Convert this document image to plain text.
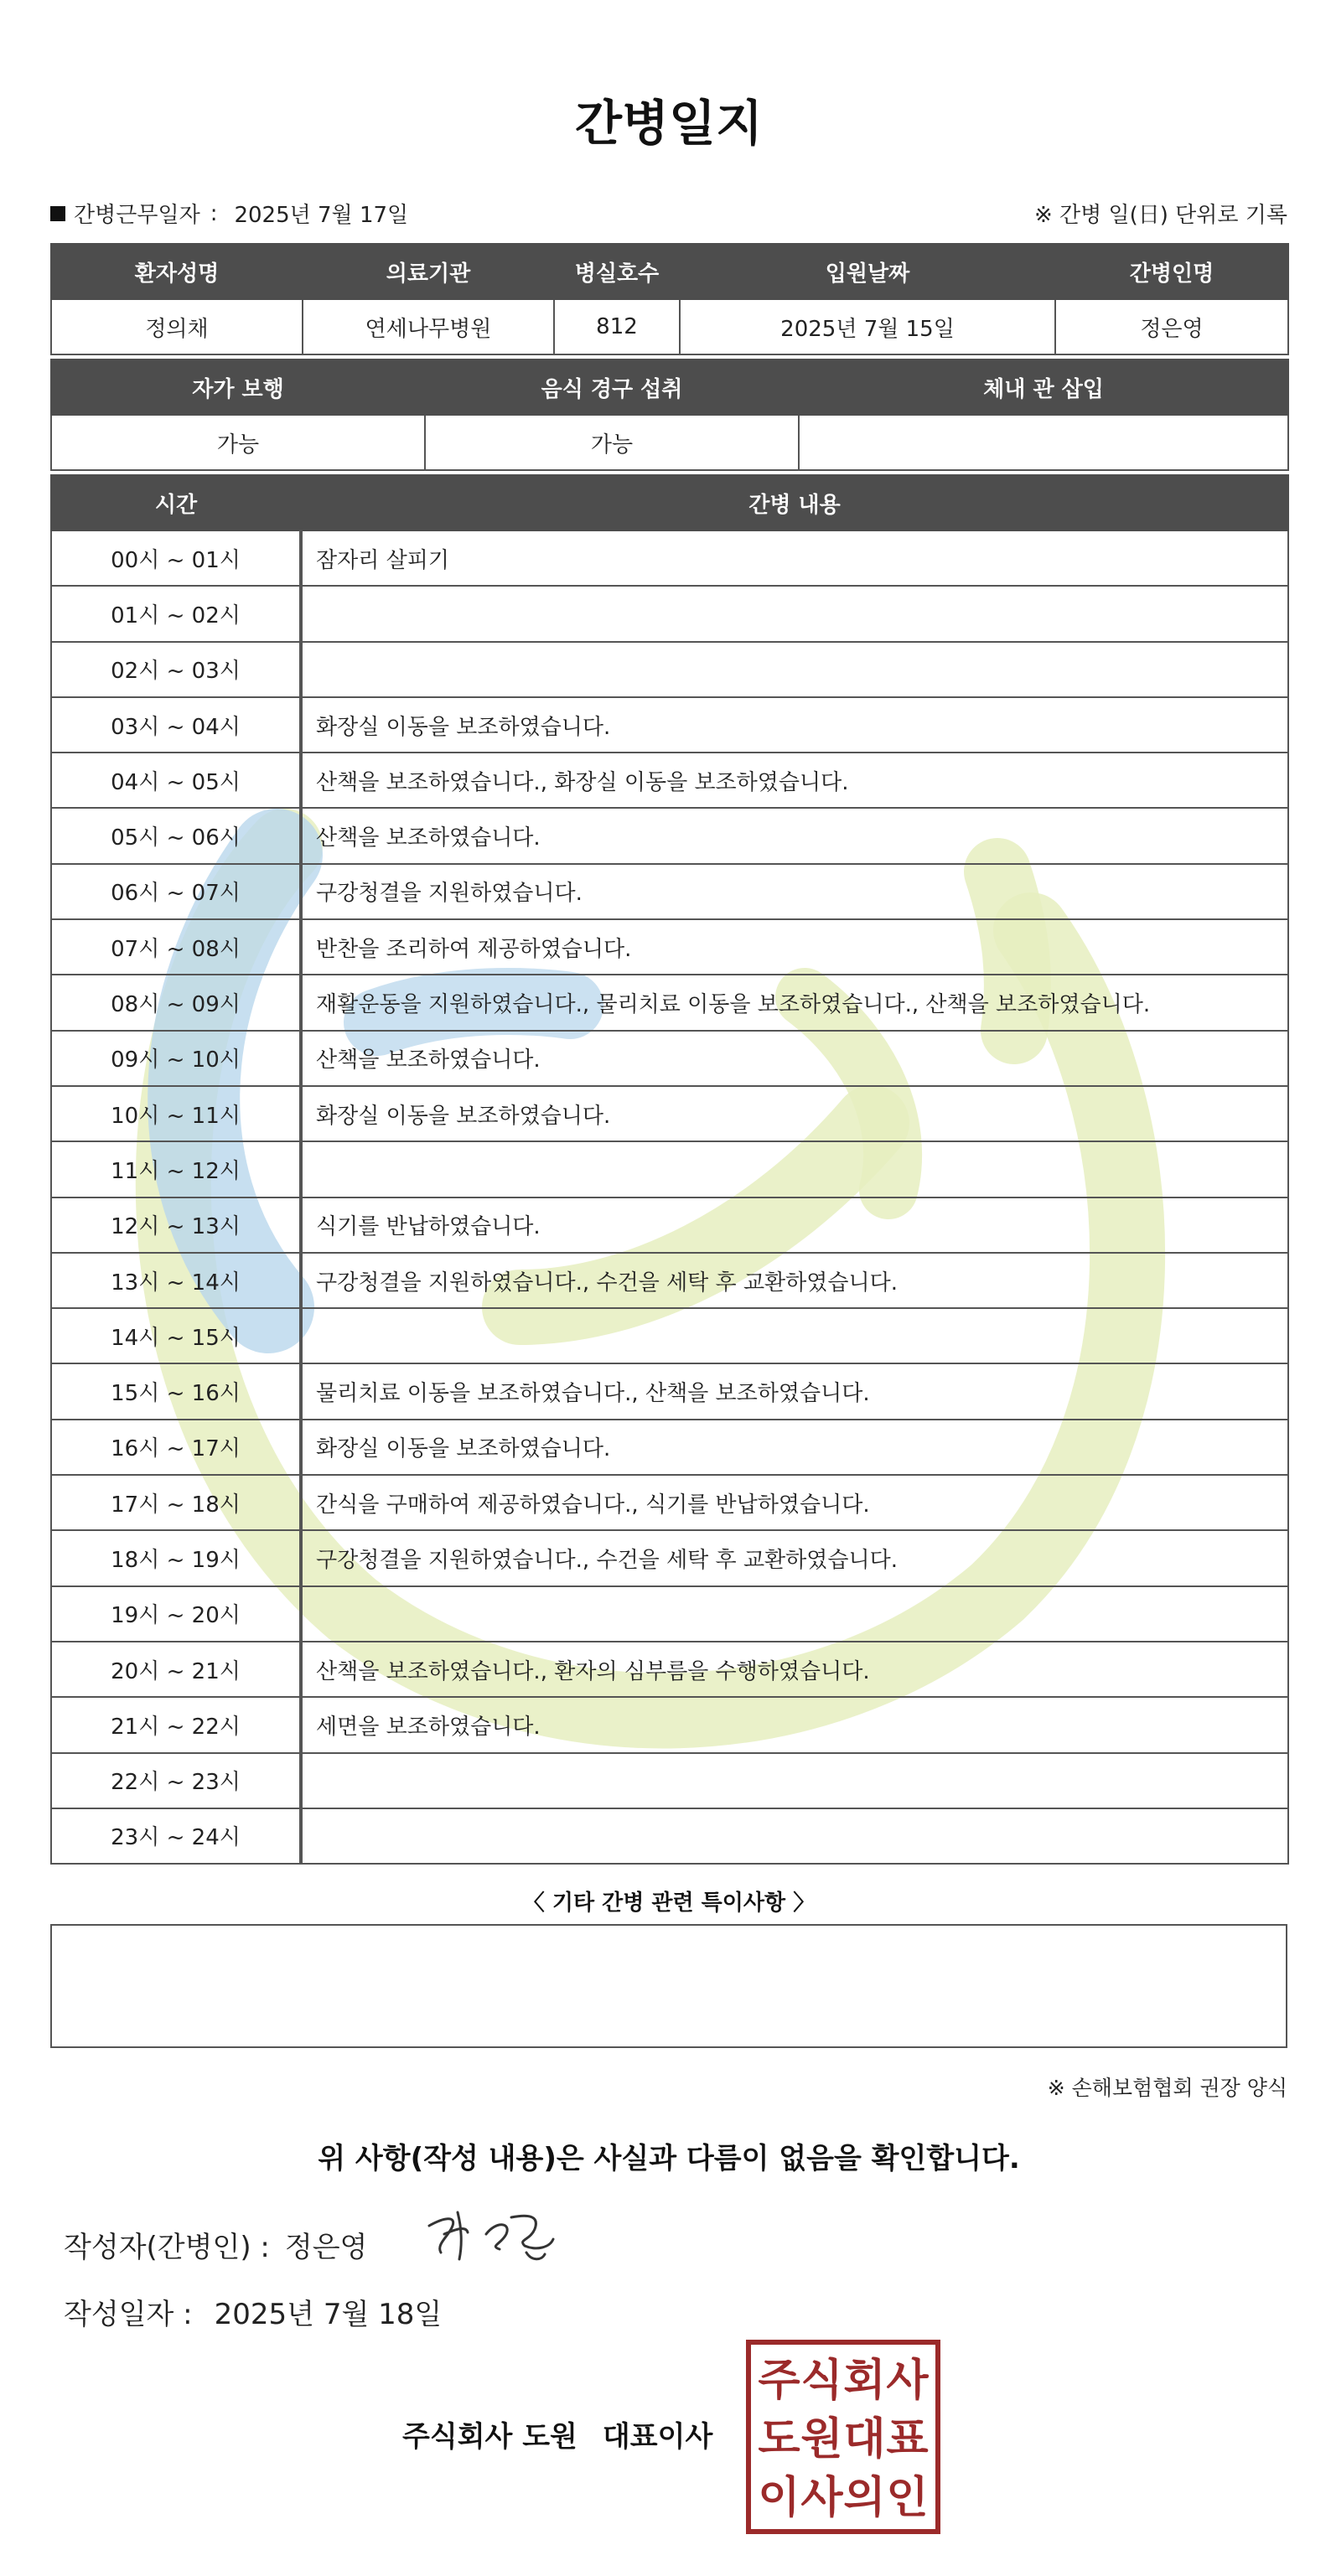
간병일지
간병근무일자 : 2025년 7월 17일	※ 간병 일(日) 단위로 기록
환자성명	의료기관	병실호수	입원날짜	간병인명
정의채	연세나무병원	812	2025년 7월 15일	정은영
자가 보행	음식 경구 섭취	체내 관 삽입
가능	가능	
시간	간병 내용
00시 ~ 01시	잠자리 살피기
01시 ~ 02시	
02시 ~ 03시	
03시 ~ 04시	화장실 이동을 보조하였습니다.
04시 ~ 05시	산책을 보조하였습니다., 화장실 이동을 보조하였습니다.
05시 ~ 06시	산책을 보조하였습니다.
06시 ~ 07시	구강청결을 지원하였습니다.
07시 ~ 08시	반찬을 조리하여 제공하였습니다.
08시 ~ 09시	재활운동을 지원하였습니다., 물리치료 이동을 보조하였습니다., 산책을 보조하였습니다.
09시 ~ 10시	산책을 보조하였습니다.
10시 ~ 11시	화장실 이동을 보조하였습니다.
11시 ~ 12시	
12시 ~ 13시	식기를 반납하였습니다.
13시 ~ 14시	구강청결을 지원하였습니다., 수건을 세탁 후 교환하였습니다.
14시 ~ 15시	
15시 ~ 16시	물리치료 이동을 보조하였습니다., 산책을 보조하였습니다.
16시 ~ 17시	화장실 이동을 보조하였습니다.
17시 ~ 18시	간식을 구매하여 제공하였습니다., 식기를 반납하였습니다.
18시 ~ 19시	구강청결을 지원하였습니다., 수건을 세탁 후 교환하였습니다.
19시 ~ 20시	
20시 ~ 21시	산책을 보조하였습니다., 환자의 심부름을 수행하였습니다.
21시 ~ 22시	세면을 보조하였습니다.
22시 ~ 23시	
23시 ~ 24시	
〈 기타 간병 관련 특이사항 〉
※ 손해보험협회 권장 양식
위 사항(작성 내용)은 사실과 다름이 없음을 확인합니다.
작성자(간병인) : 정은영
작성일자 : 2025년 7월 18일
주식회사 도원 대표이사
주 식 회 사
도 원 대 표
이 사 의 인
